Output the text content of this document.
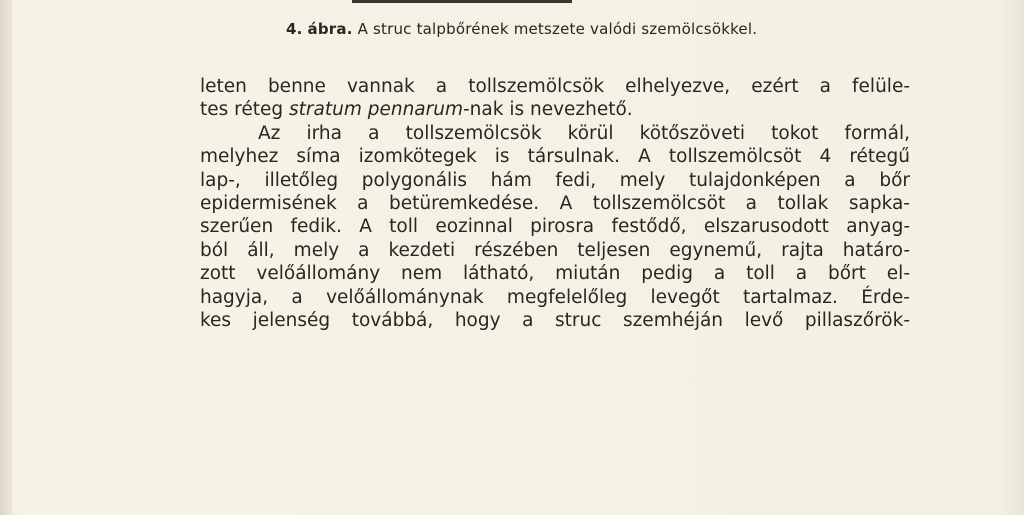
4. ábra. A struc talpbőrének metszete valódi szemölcsökkel.
leten benne vannak a tollszemölcsök elhelyezve, ezért a felüle-
tes réteg stratum pennarum-nak is nevezhető.
Az irha a tollszemölcsök körül kötőszöveti tokot formál,
melyhez síma izomkötegek is társulnak. A tollszemölcsöt 4 rétegű
lap-, illetőleg polygonális hám fedi, mely tulajdonképen a bőr
epidermisének a betüremkedése. A tollszemölcsöt a tollak sapka-
szerűen fedik. A toll eozinnal pirosra festődő, elszarusodott anyag-
ból áll, mely a kezdeti részében teljesen egynemű, rajta határo-
zott velőállomány nem látható, miután pedig a toll a bőrt el-
hagyja, a velőállománynak megfelelőleg levegőt tartalmaz. Érde-
kes jelenség továbbá, hogy a struc szemhéján levő pillaszőrök-
